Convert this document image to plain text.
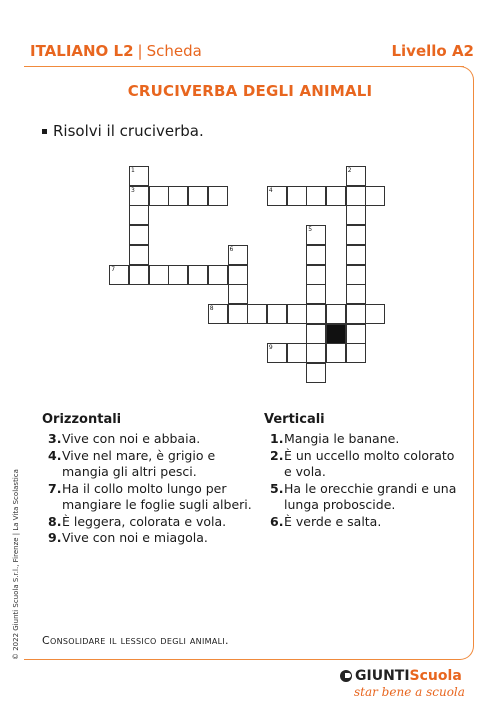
ITALIANO L2 | Scheda	Livello A2
CRUCIVERBA DEGLI ANIMALI
Risolvi il cruciverba.
3
1
7
6
8
4
2
5
9
Orizzontali
3. Vive con noi e abbaia.
4. Vive nel mare, è grigio e mangia gli altri pesci.
7. Ha il collo molto lungo per mangiare le foglie sugli alberi.
8. È leggera, colorata e vola.
9. Vive con noi e miagola.
Verticali
1. Mangia le banane.
2. È un uccello molto colorato e vola.
5. Ha le orecchie grandi e una lunga proboscide.
6. È verde e salta.
Consolidare il lessico degli animali.
© 2022 Giunti Scuola S.r.l., Firenze | La Vita Scolastica
GIUNTI Scuola
star bene a scuola
